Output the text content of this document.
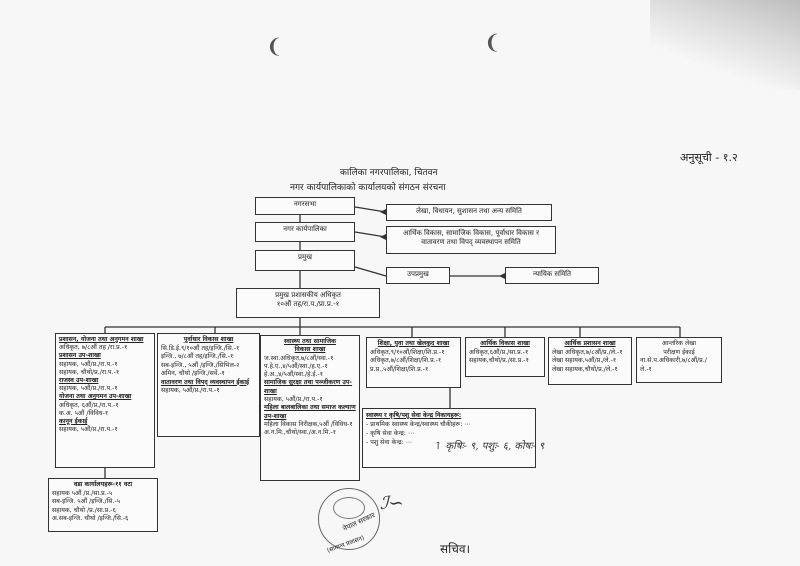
❨	❨
अनुसूची - १.२
कालिका नगरपालिका, चितवन
नगर कार्यपालिकाको कार्यालयको संगठन संरचना
नगरसभा
लेखा, विधायन, सुशासन तथा अन्य समिति
नगर कार्यपालिका	आर्थिक विकास, सामाजिक विकास, पूर्वाधार विकास र
वातावरण तथा विपद् व्यवस्थापन समिति
प्रमुख
उपप्रमुख	न्यायिक समिति
प्रमुख प्रशासकीय अधिकृत
१०औं तह/रा.प./प्रा.प्र.-१
प्रशासन, योजना तथा अनुगमन शाखा
अधिकृत, ७/८औं तह /रा.प्र.-१
प्रशासन उप-शाखा
सहायक, ५औं/प्र./रा.प.-१
सहायक, चौथो/प्र./रा.प.-१
राजस्व उप-शाखा
सहायक, ५औं/प्र./रा.प.-१
योजना तथा अनुगमन उप-शाखा
अधिकृत, ६औं/प्र./रा.प.-१
क.अ. ५औं /विविध-१
कानून ईकाई
सहायक, ५औं/प्र./रा.प.-१
पूर्वाधार विकास शाखा
सि.डि.ई.९/१०औं तह/इन्जि./सि.-१
इन्जि., ७/८औं तह/इन्जि./सि.-१
सब-इन्जि., ५औं /इन्जि./सिभिल-२
अमिन, चौथो /इन्जि./सर्वे.-१
वातावरण तथा विपद् व्यवस्थापन ईकाई
सहायक, ५औं/प्र./रा.प.-१
स्वास्थ्य तथा सामाजिक
विकास शाखा
ज.स्वा.अधिकृत,७/८औं/स्वा.-१
प.हे.ए.,४/५औं/स्वा./ह.ए.-१
हे.अ.,४/५औं/स्वा./हे.ई.-१
सामाजिक सुरक्षा तथा पञ्जीकरण उप-शाखा
सहायक, ५औं/प्र./रा.प.-१
महिला बालबालिका तथा समाज कल्याण उप-शाखा
महिला विकास निरीक्षक,५औं /विविध-१
अ.न.मि.,चौथो/स्वा./अ.न.मि.-१
शिक्षा, युवा तथा खेलकुद शाखा
अधिकृत,९/१०औं/शिक्षा/शि.प्र.-१
अधिकृत,७/८औं/शिक्षा/शि.प्र.-१
प्र.प्र.,५औं/शिक्षा/शि.प्र.-१
आर्थिक विकास शाखा
अधिकृत,६औं/प्र./सा.प्र.-१
सहायक,चौथो/प्र./सा.प्र.-१
आर्थिक प्रशासन शाखा
लेखा अधिकृत,७/८औं/प्र./ले.-१
लेखा सहायक,५औं/प्र./ले.-१
लेखा सहायक,चौथो/प्र./ले.-१
आन्तरिक लेखा
परीक्षण ईकाई
ना.से.प.अधिकारी,७/८औं/प्र./ले.-१
वडा कार्यालयहरू-११ वटा
सहायक ५औं /प्र./सा.प्र.-५
सब-इन्जि. ५औं /इन्जि./सि.-५
सहायक, चौथो /प्र./सा.प्र.-६
अ.सब-इन्जि. चौथो /इन्जि./सि.-६
स्वास्थ्य र कृषि/पशु सेवा केन्द्र निकायहरू:
- प्राथमिक स्वास्थ्य केन्द्र/स्वास्थ्य चौकीहरू: ⋯
- कृषि सेवा केन्द्र: ⋯
- पशु सेवा केन्द्र: ⋯	↑ कृषिः- ९, पशुः- ६, कोषः- ९
नेपाल सरकार
(सामान्य प्रशासन)
ℐ∽
सचिव।
